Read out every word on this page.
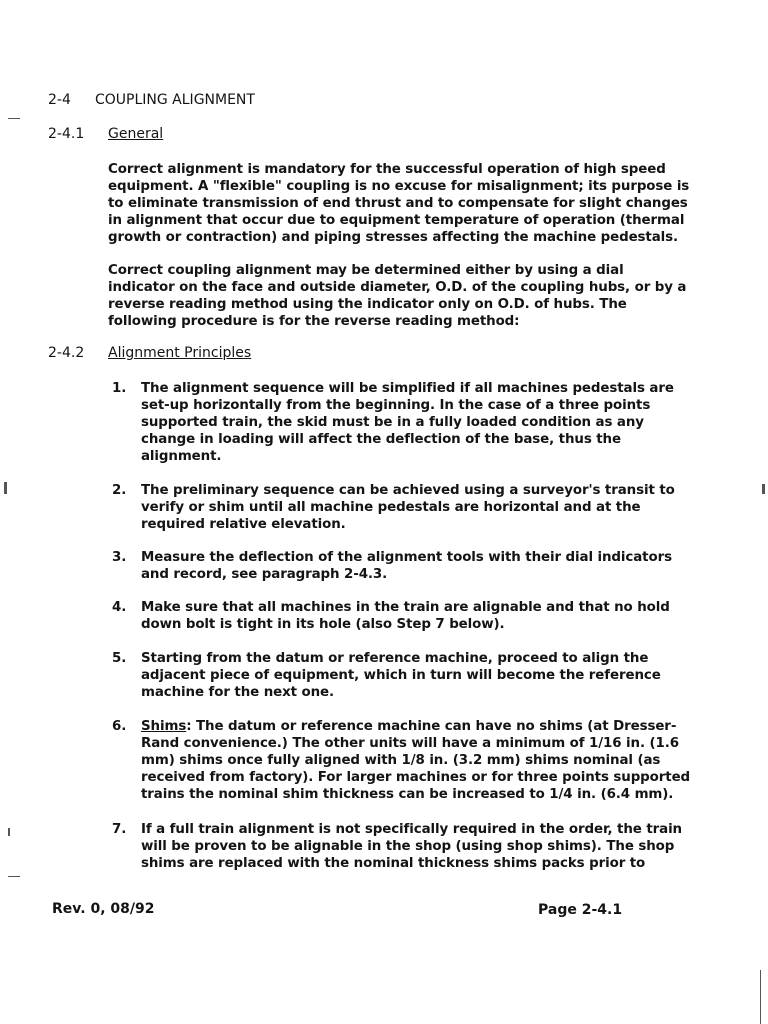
2-4 COUPLING ALIGNMENT
2-4.1 General

Correct alignment is mandatory for the successful operation of high speed equipment. A "flexible" coupling is no excuse for misalignment; its purpose is to eliminate transmission of end thrust and to compensate for slight changes in alignment that occur due to equipment temperature of operation (thermal growth or contraction) and piping stresses affecting the machine pedestals.

Correct coupling alignment may be determined either by using a dial indicator on the face and outside diameter, O.D. of the coupling hubs, or by a reverse reading method using the indicator only on O.D. of hubs. The following procedure is for the reverse reading method:

2-4.2 Alignment Principles
1.	The alignment sequence will be simplified if all machines pedestals are set-up horizontally from the beginning. In the case of a three points supported train, the skid must be in a fully loaded condition as any change in loading will affect the deflection of the base, thus the alignment.
2.	The preliminary sequence can be achieved using a surveyor's transit to verify or shim until all machine pedestals are horizontal and at the required relative elevation.
3.	Measure the deflection of the alignment tools with their dial indicators and record, see paragraph 2-4.3.
4.	Make sure that all machines in the train are alignable and that no hold down bolt is tight in its hole (also Step 7 below).
5.	Starting from the datum or reference machine, proceed to align the adjacent piece of equipment, which in turn will become the reference machine for the next one.
6.	Shims: The datum or reference machine can have no shims (at Dresser-Rand convenience.) The other units will have a minimum of 1/16 in. (1.6 mm) shims once fully aligned with 1/8 in. (3.2 mm) shims nominal (as received from factory). For larger machines or for three points supported trains the nominal shim thickness can be increased to 1/4 in. (6.4 mm).
7.	If a full train alignment is not specifically required in the order, the train will be proven to be alignable in the shop (using shop shims). The shop shims are replaced with the nominal thickness shims packs prior to
Rev. 0, 08/92	Page 2-4.1
